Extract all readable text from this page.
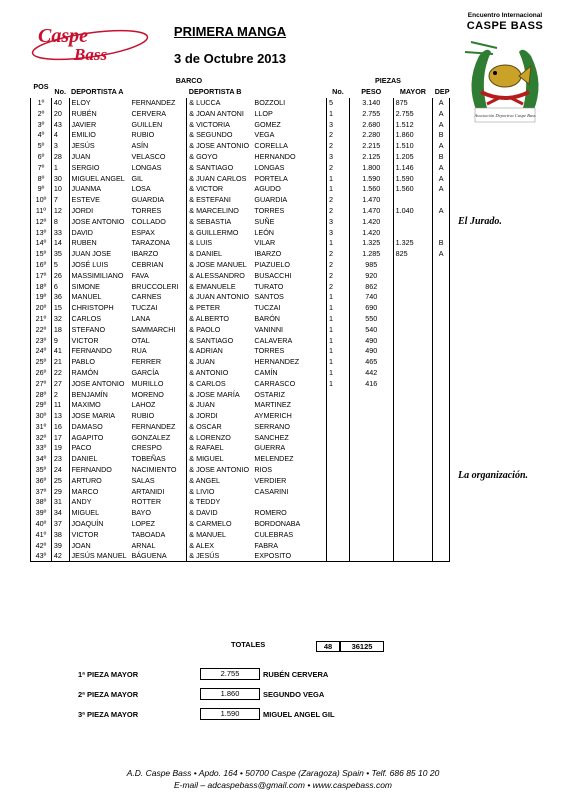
Caspe
Bass
PRIMERA MANGA
3 de Octubre 2013
Encuentro Internacional
CASPE BASS
Asociación Deportiva Caspe Bass
El Jurado.
La organización.
POS	BARCO					PIEZAS			
	No.	DEPORTISTA A		DEPORTISTA B		No.	PESO	MAYOR	DEP
1º	40	ELOY	FERNANDEZ	& LUCCA	BOZZOLI	5	3.140	875	A
2º	20	RUBÉN	CERVERA	& JOAN ANTONI	LLOP	1	2.755	2.755	A
3º	43	JAVIER	GUILLEN	& VICTORIA	GOMEZ	3	2.680	1.512	A
4º	4	EMILIO	RUBIO	& SEGUNDO	VEGA	2	2.280	1.860	B
5º	3	JESÚS	ASÍN	& JOSE ANTONIO	CORELLA	2	2.215	1.510	A
6º	28	JUAN	VELASCO	& GOYO	HERNANDO	3	2.125	1.205	B
7º	1	SERGIO	LONGAS	& SANTIAGO	LONGAS	2	1.800	1.146	A
8º	30	MIGUEL ANGEL	GIL	& JUAN CARLOS	PORTELA	1	1.590	1.590	A
9º	10	JUANMA	LOSA	& VICTOR	AGUDO	1	1.560	1.560	A
10º	7	ESTEVE	GUARDIA	& ESTEFANI	GUARDIA	2	1.470		
11º	12	JORDI	TORRES	& MARCELINO	TORRES	2	1.470	1.040	A
12º	8	JOSE ANTONIO	COLLADO	& SEBASTIA	SUÑE	3	1.420		
13º	33	DAVID	ESPAX	& GUILLERMO	LEÓN	3	1.420		
14º	14	RUBEN	TARAZONA	& LUIS	VILAR	1	1.325	1.325	B
15º	35	JUAN JOSE	IBARZO	& DANIEL	IBARZO	2	1.285	825	A
16º	5	JOSÉ LUIS	CEBRIAN	& JOSE MANUEL	PIAZUELO	2	985		
17º	26	MASSIMILIANO	FAVA	& ALESSANDRO	BUSACCHI	2	920		
18º	6	SIMONE	BRUCCOLERI	& EMANUELE	TURATO	2	862		
19º	36	MANUEL	CARNES	& JUAN ANTONIO	SANTOS	1	740		
20º	15	CHRISTOPH	TUCZAI	& PETER	TUCZAI	1	690		
21º	32	CARLOS	LANA	& ALBERTO	BARÓN	1	550		
22º	18	STEFANO	SAMMARCHI	& PAOLO	VANINNI	1	540		
23º	9	VICTOR	OTAL	& SANTIAGO	CALAVERA	1	490		
24º	41	FERNANDO	RUA	& ADRIAN	TORRES	1	490		
25º	21	PABLO	FERRER	& JUAN	HERNANDEZ	1	465		
26º	22	RAMÓN	GARCÍA	& ANTONIO	CAMÍN	1	442		
27º	27	JOSE ANTONIO	MURILLO	& CARLOS	CARRASCO	1	416		
28º	2	BENJAMÍN	MORENO	& JOSE MARÍA	OSTARIZ				
29º	11	MAXIMO	LAHOZ	& JUAN	MARTINEZ				
30º	13	JOSE MARIA	RUBIO	& JORDI	AYMERICH				
31º	16	DAMASO	FERNANDEZ	& OSCAR	SERRANO				
32º	17	AGAPITO	GONZALEZ	& LORENZO	SANCHEZ				
33º	19	PACO	CRESPO	& RAFAEL	GUERRA				
34º	23	DANIEL	TOBEÑAS	& MIGUEL	MELENDEZ				
35º	24	FERNANDO	NACIMIENTO	& JOSE ANTONIO	RIOS				
36º	25	ARTURO	SALAS	& ANGEL	VERDIER				
37º	29	MARCO	ARTANIDI	& LIVIO	CASARINI				
38º	31	ANDY	ROTTER	& TEDDY					
39º	34	MIGUEL	BAYO	& DAVID	ROMERO				
40º	37	JOAQUÍN	LOPEZ	& CARMELO	BORDONABA				
41º	38	VICTOR	TABOADA	& MANUEL	CULEBRAS				
42º	39	JOAN	ARNAL	& ALEX	FABRA				
43º	42	JESÚS MANUEL	BÁGUENA	& JESÚS	EXPOSITO				
TOTALES	48	36125
1ª PIEZA MAYOR	2.755	RUBÉN CERVERA
2ª PIEZA MAYOR	1.860	SEGUNDO VEGA
3ª PIEZA MAYOR	1.590	MIGUEL ANGEL GIL
A.D. Caspe Bass • Apdo. 164 • 50700 Caspe (Zaragoza) Spain • Telf. 686 85 10 20
E-mail – adcaspebass@gmail.com • www.caspebass.com
